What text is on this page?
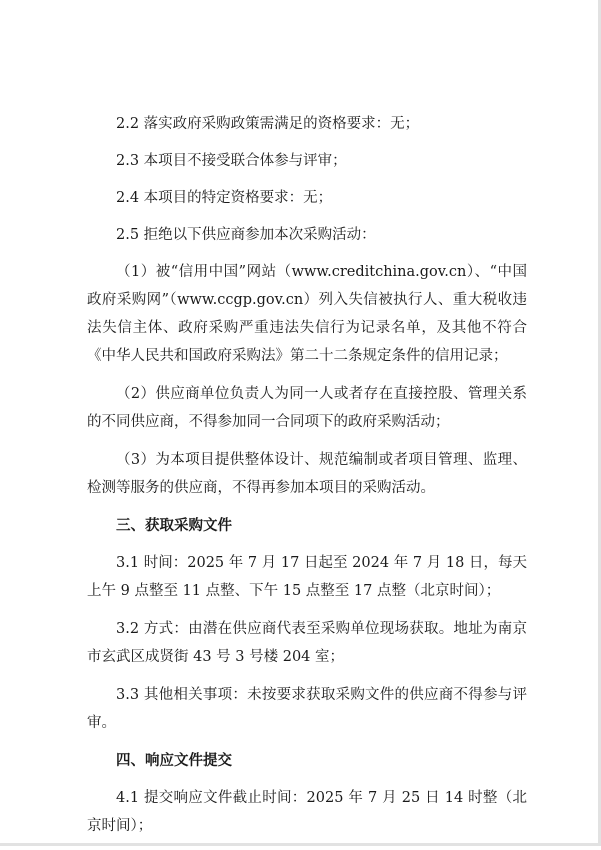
2.2 落实政府采购政策需满足的资格要求：无；

2.3 本项目不接受联合体参与评审；

2.4 本项目的特定资格要求：无；

2.5 拒绝以下供应商参加本次采购活动：

（1）被“信用中国”网站（www.creditchina.gov.cn）、“中国政府采购网”（www.ccgp.gov.cn）列入失信被执行人、重大税收违法失信主体、政府采购严重违法失信行为记录名单，及其他不符合《中华人民共和国政府采购法》第二十二条规定条件的信用记录；

（2）供应商单位负责人为同一人或者存在直接控股、管理关系的不同供应商，不得参加同一合同项下的政府采购活动；

（3）为本项目提供整体设计、规范编制或者项目管理、监理、检测等服务的供应商，不得再参加本项目的采购活动。

三、获取采购文件

3.1 时间：2025 年 7 月 17 日起至 2024 年 7 月 18 日，每天上午 9 点整至 11 点整、下午 15 点整至 17 点整（北京时间）；

3.2 方式：由潜在供应商代表至采购单位现场获取。地址为南京市玄武区成贤街 43 号 3 号楼 204 室；

3.3 其他相关事项：未按要求获取采购文件的供应商不得参与评审。

四、响应文件提交

4.1 提交响应文件截止时间：2025 年 7 月 25 日 14 时整（北京时间）；
